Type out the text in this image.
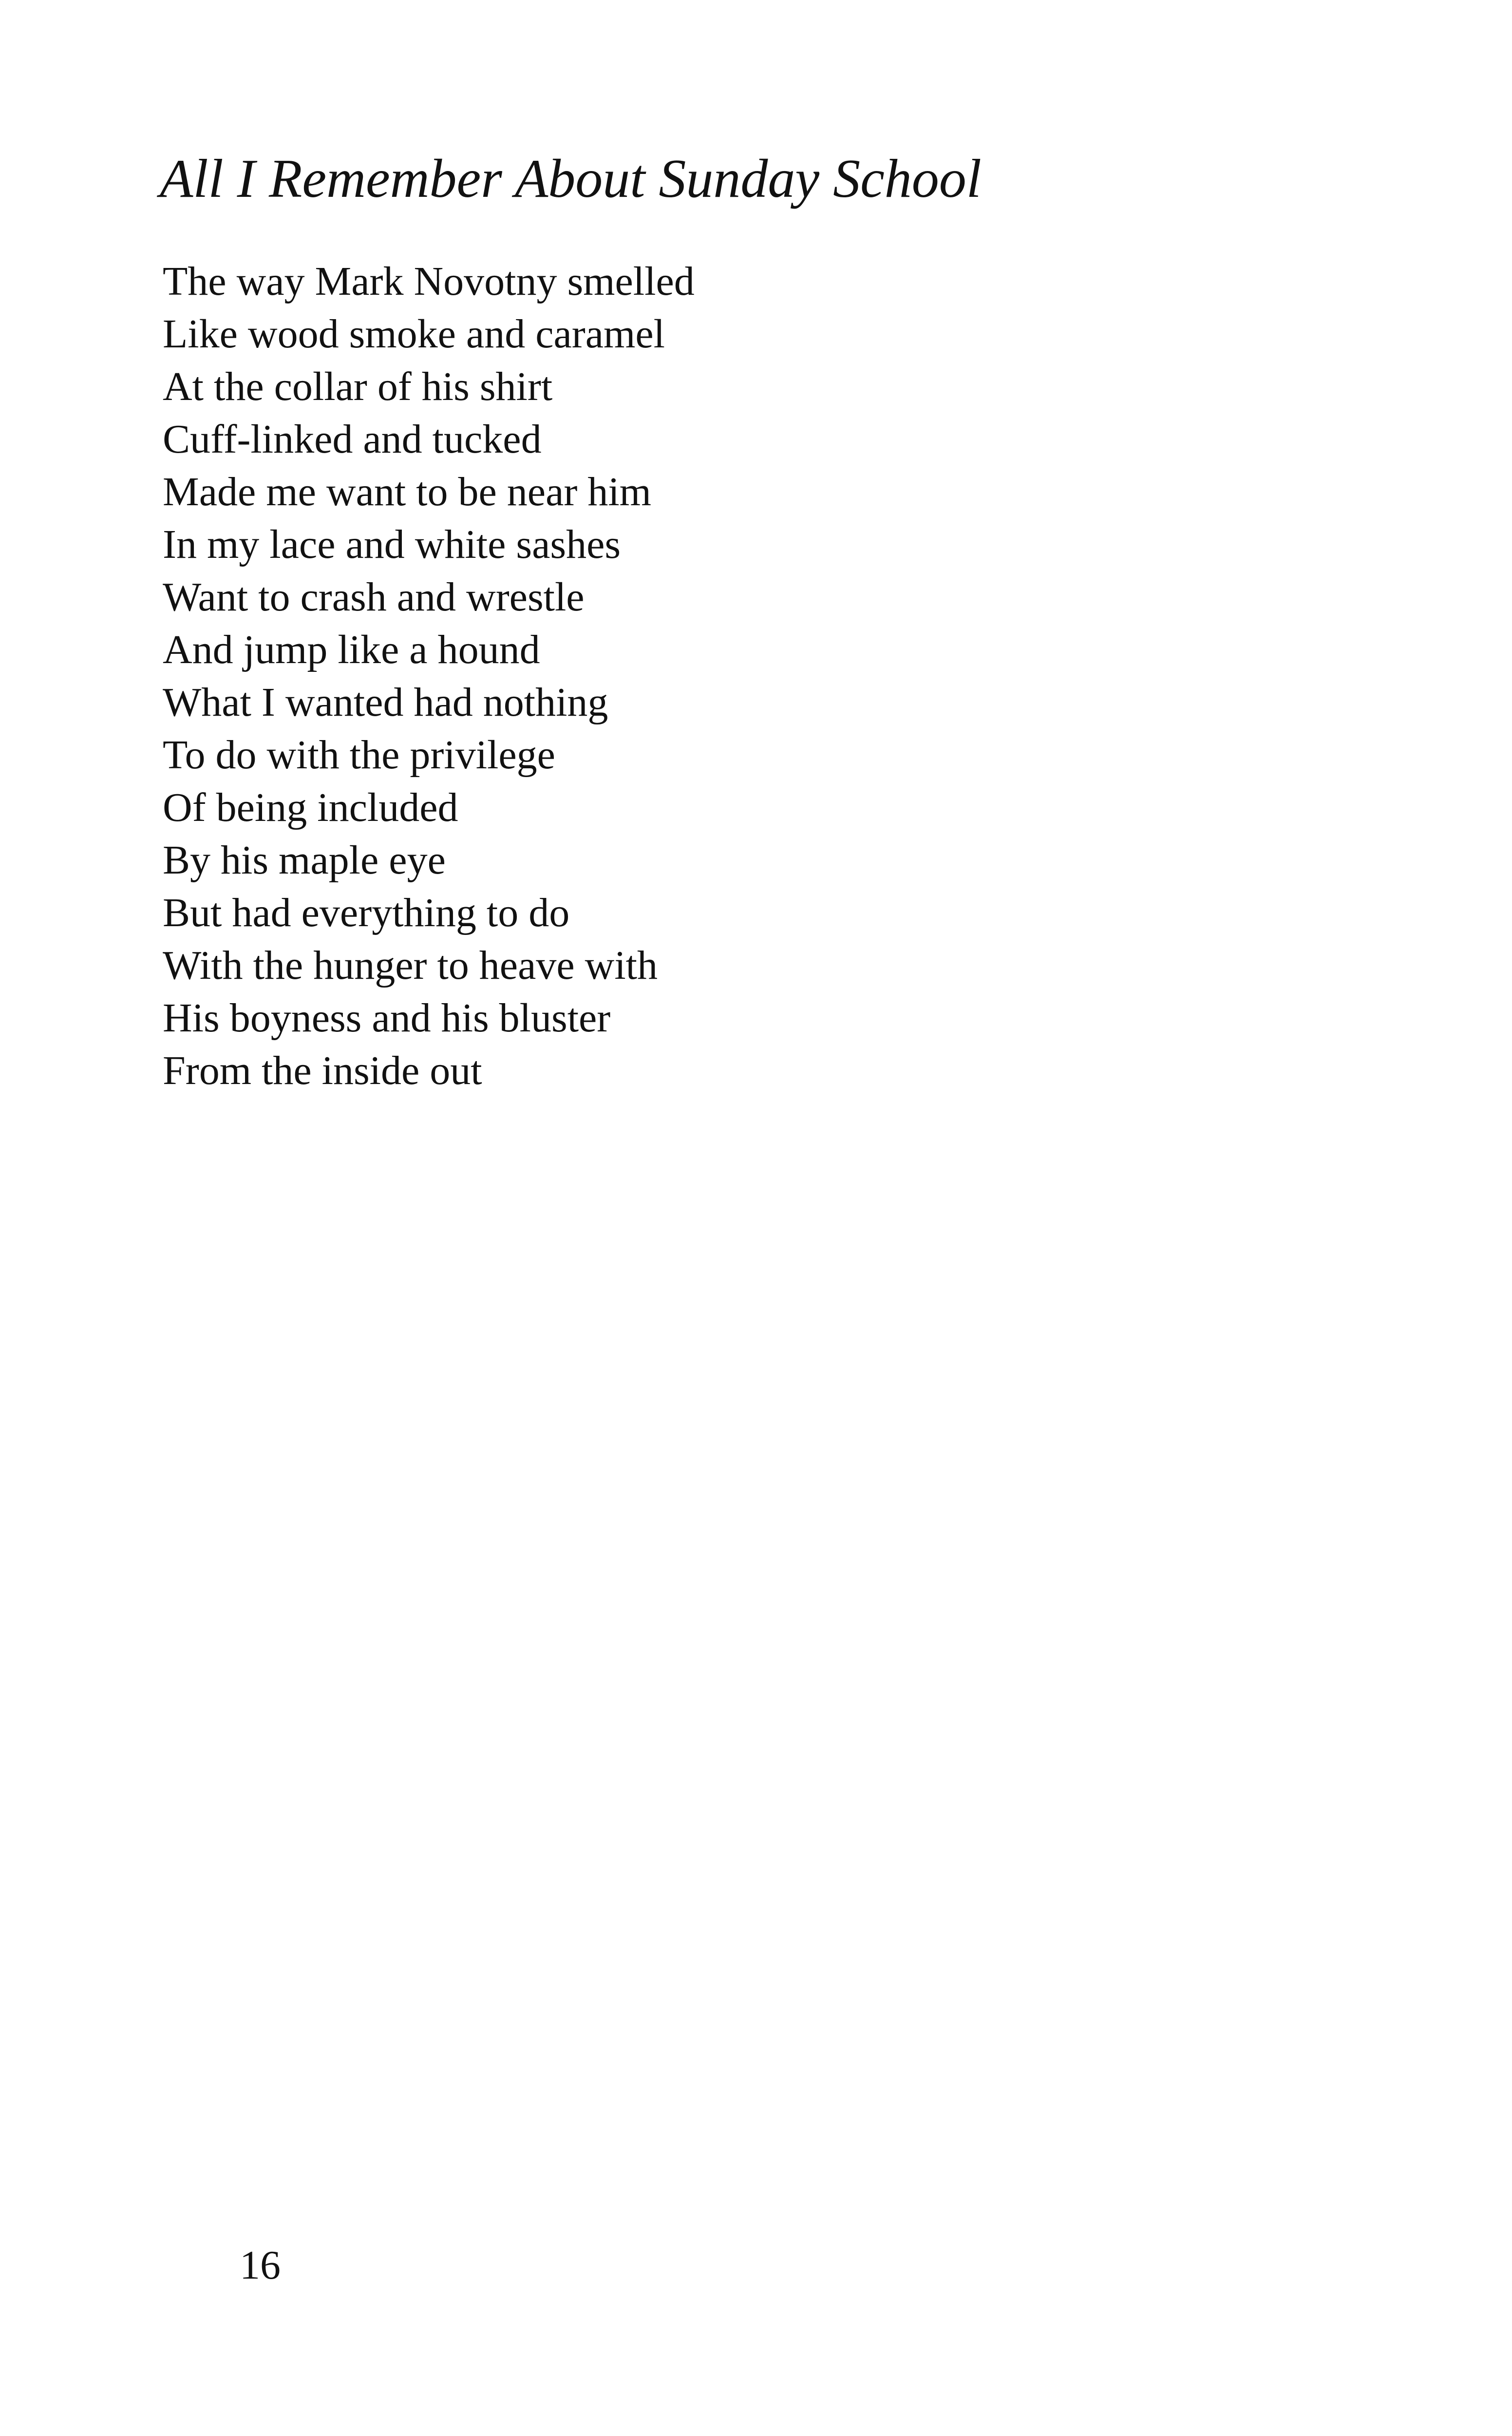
All I Remember About Sunday School
The way Mark Novotny smelled
Like wood smoke and caramel
At the collar of his shirt
Cuff-linked and tucked
Made me want to be near him
In my lace and white sashes
Want to crash and wrestle
And jump like a hound
What I wanted had nothing
To do with the privilege
Of being included
By his maple eye
But had everything to do
With the hunger to heave with
His boyness and his bluster
From the inside out
16
